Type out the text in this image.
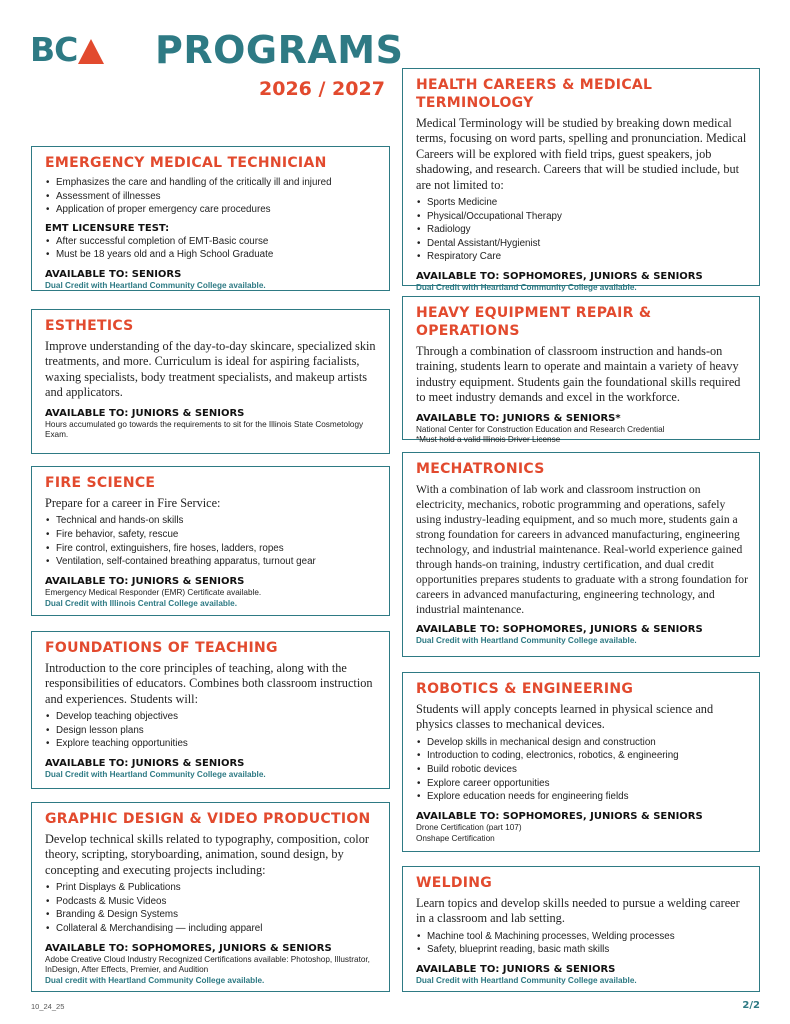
BC PROGRAMS
2026 / 2027
EMERGENCY MEDICAL TECHNICIAN
• Emphasizes the care and handling of the critically ill and injured
• Assessment of illnesses
• Application of proper emergency care procedures
EMT LICENSURE TEST:
• After successful completion of EMT-Basic course
• Must be 18 years old and a High School Graduate
AVAILABLE TO: SENIORS
Dual Credit with Heartland Community College available.
ESTHETICS

Improve understanding of the day-to-day skincare, specialized skin treatments, and more. Curriculum is ideal for aspiring facialists, waxing specialists, body treatment specialists, and makeup artists and applicators.

AVAILABLE TO: JUNIORS & SENIORS
Hours accumulated go towards the requirements to sit for the Illinois State Cosmetology Exam.
FIRE SCIENCE

Prepare for a career in Fire Service:

• Technical and hands-on skills
• Fire behavior, safety, rescue
• Fire control, extinguishers, fire hoses, ladders, ropes
• Ventilation, self-contained breathing apparatus, turnout gear
AVAILABLE TO: JUNIORS & SENIORS
Emergency Medical Responder (EMR) Certificate available.
Dual Credit with Illinois Central College available.
FOUNDATIONS OF TEACHING

Introduction to the core principles of teaching, along with the responsibilities of educators. Combines both classroom instruction and experiences. Students will:

• Develop teaching objectives
• Design lesson plans
• Explore teaching opportunities
AVAILABLE TO: JUNIORS & SENIORS
Dual Credit with Heartland Community College available.
GRAPHIC DESIGN & VIDEO PRODUCTION

Develop technical skills related to typography, composition, color theory, scripting, storyboarding, animation, sound design, by concepting and executing projects including:

• Print Displays & Publications
• Podcasts & Music Videos
• Branding & Design Systems
• Collateral & Merchandising — including apparel
AVAILABLE TO: SOPHOMORES, JUNIORS & SENIORS
Adobe Creative Cloud Industry Recognized Certifications available: Photoshop, Illustrator, InDesign, After Effects, Premier, and Audition
Dual credit with Heartland Community College available.
HEALTH CAREERS & MEDICAL TERMINOLOGY

Medical Terminology will be studied by breaking down medical terms, focusing on word parts, spelling and pronunciation. Medical Careers will be explored with field trips, guest speakers, job shadowing, and research. Careers that will be studied include, but are not limited to:

• Sports Medicine
• Physical/Occupational Therapy
• Radiology
• Dental Assistant/Hygienist
• Respiratory Care
AVAILABLE TO: SOPHOMORES, JUNIORS & SENIORS
Dual Credit with Heartland Community College available.
HEAVY EQUIPMENT REPAIR & OPERATIONS

Through a combination of classroom instruction and hands-on training, students learn to operate and maintain a variety of heavy industry equipment. Students gain the foundational skills required to meet industry demands and excel in the workforce.

AVAILABLE TO: JUNIORS & SENIORS*
National Center for Construction Education and Research Credential
*Must hold a valid Illinois Driver License
MECHATRONICS

With a combination of lab work and classroom instruction on electricity, mechanics, robotic programming and operations, safely using industry-leading equipment, and so much more, students gain a strong foundation for careers in advanced manufacturing, engineering technology, and industrial maintenance. Real-world experience gained through hands-on training, industry certification, and dual credit opportunities prepares students to graduate with a strong foundation for careers in advanced manufacturing, engineering technology, and industrial maintenance.

AVAILABLE TO: SOPHOMORES, JUNIORS & SENIORS
Dual Credit with Heartland Community College available.
ROBOTICS & ENGINEERING

Students will apply concepts learned in physical science and physics classes to mechanical devices.

• Develop skills in mechanical design and construction
• Introduction to coding, electronics, robotics, & engineering
• Build robotic devices
• Explore career opportunities
• Explore education needs for engineering fields
AVAILABLE TO: SOPHOMORES, JUNIORS & SENIORS
Drone Certification (part 107)
Onshape Certification
WELDING

Learn topics and develop skills needed to pursue a welding career in a classroom and lab setting.

• Machine tool & Machining processes, Welding processes
• Safety, blueprint reading, basic math skills
AVAILABLE TO: JUNIORS & SENIORS
Dual Credit with Heartland Community College available.
10_24_25	2/2
